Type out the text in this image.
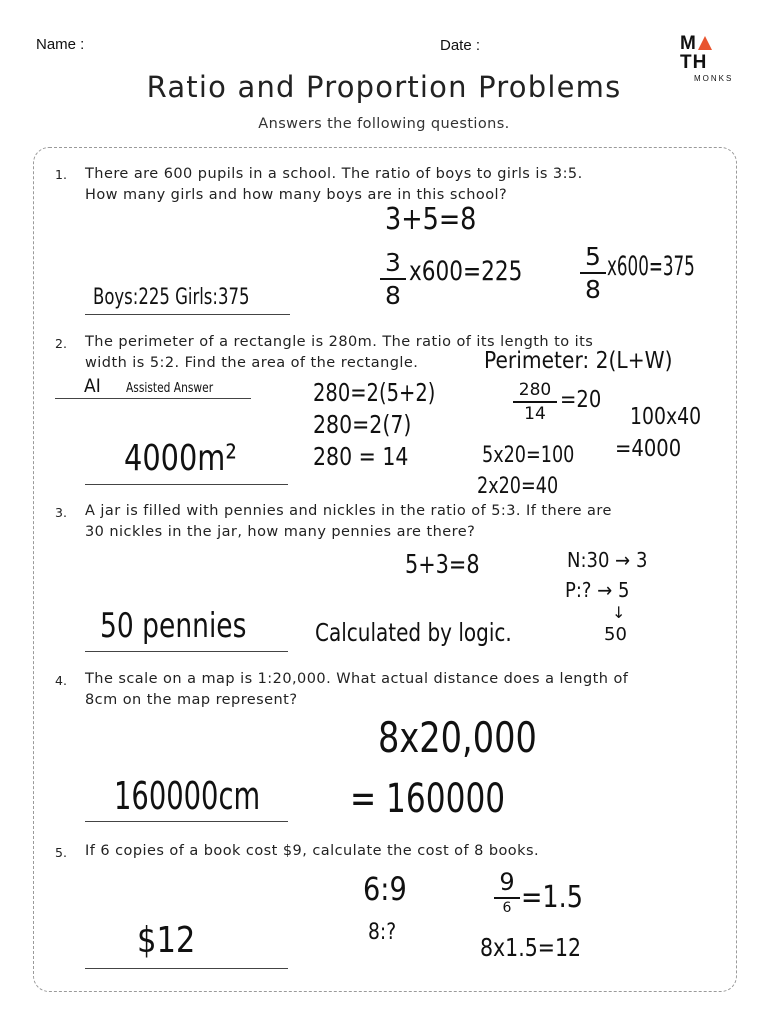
Name :	Date :	MTH
MONKS
Ratio and Proportion Problems
Answers the following questions.
1. There are 600 pupils in a school. The ratio of boys to girls is 3:5.
How many girls and how many boys are in this school?
3+5=8
3
8
x600=225	5
8
x600=375
Boys:225 Girls:375
2. The perimeter of a rectangle is 280m. The ratio of its length to its
width is 5:2. Find the area of the rectangle.	Perimeter: 2(L+W)
AI Assisted Answer	280=2(5+2)
280=2(7)
280 = 14
280
14
=20
100x40
=4000
5x20=100
2x20=40
4000m²
3. A jar is filled with pennies and nickles in the ratio of 5:3. If there are
30 nickles in the jar, how many pennies are there?
5+3=8	N:30 → 3
P:? → 5
↓
50
50 pennies	Calculated by logic.
4. The scale on a map is 1:20,000. What actual distance does a length of
8cm on the map represent?
8x20,000
= 160000
160000cm
5. If 6 copies of a book cost $9, calculate the cost of 8 books.
6:9
8:?
9
6 =1.5
8x1.5=12
$12
